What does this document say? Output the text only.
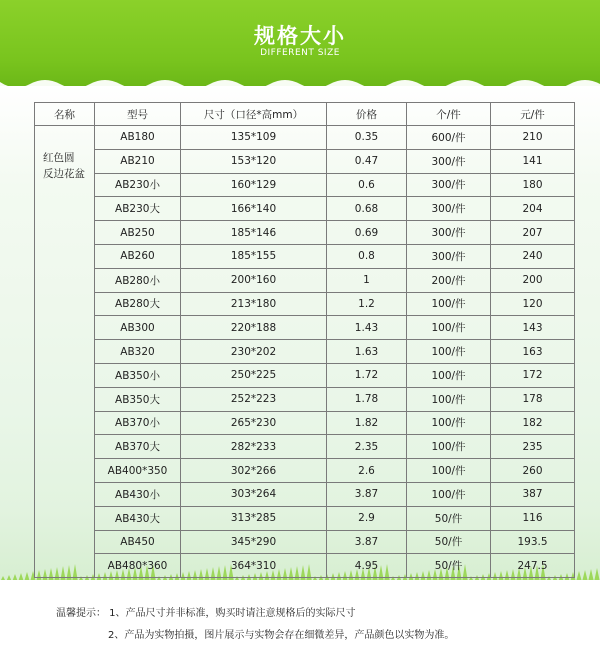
规格大小
DIFFERENT SIZE
名称	型号	尺寸（口径*高mm）	价格	个/件	元/件
红色圆
反边花盆	AB180	135*109	0.35	600/件	210
	AB210	153*120	0.47	300/件	141
	AB230小	160*129	0.6	300/件	180
	AB230大	166*140	0.68	300/件	204
	AB250	185*146	0.69	300/件	207
	AB260	185*155	0.8	300/件	240
	AB280小	200*160	1	200/件	200
	AB280大	213*180	1.2	100/件	120
	AB300	220*188	1.43	100/件	143
	AB320	230*202	1.63	100/件	163
	AB350小	250*225	1.72	100/件	172
	AB350大	252*223	1.78	100/件	178
	AB370小	265*230	1.82	100/件	182
	AB370大	282*233	2.35	100/件	235
	AB400*350	302*266	2.6	100/件	260
	AB430小	303*264	3.87	100/件	387
	AB430大	313*285	2.9	50/件	116
	AB450	345*290	3.87	50/件	193.5
	AB480*360	364*310	4.95	50/件	247.5
温馨提示： 1、产品尺寸并非标准，购买时请注意规格后的实际尺寸
2、产品为实物拍摄，图片展示与实物会存在细微差异，产品颜色以实物为准。
